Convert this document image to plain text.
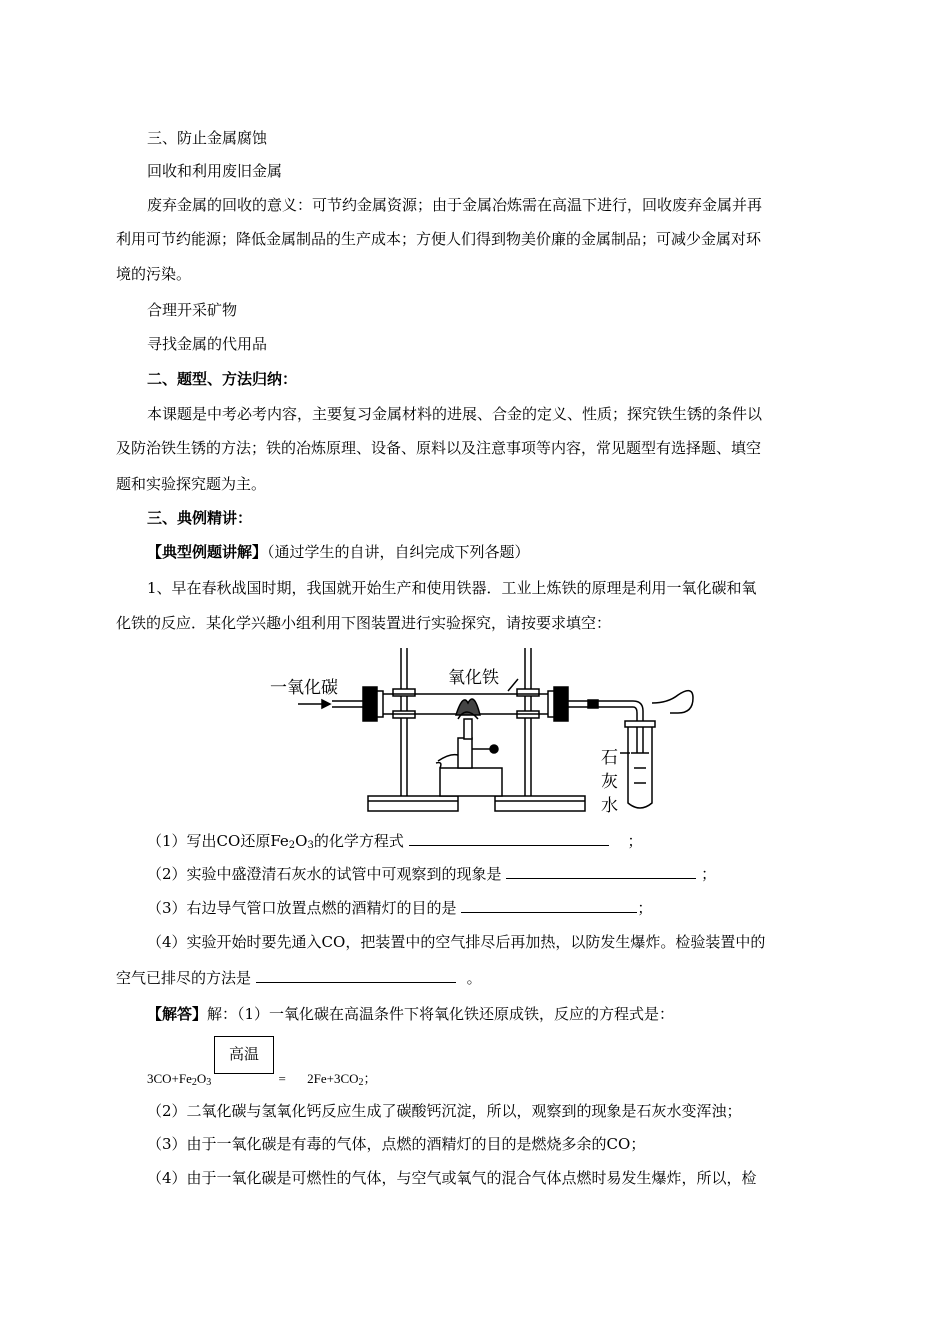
三、防止金属腐蚀
回收和利用废旧金属
废弃金属的回收的意义：可节约金属资源；由于金属冶炼需在高温下进行，回收废弃金属并再
利用可节约能源；降低金属制品的生产成本；方便人们得到物美价廉的金属制品；可减少金属对环
境的污染。
合理开采矿物
寻找金属的代用品
二、题型、方法归纳：
本课题是中考必考内容，主要复习金属材料的进展、合金的定义、性质；探究铁生锈的条件以
及防治铁生锈的方法；铁的冶炼原理、设备、原料以及注意事项等内容，常见题型有选择题、填空
题和实验探究题为主。
三、典例精讲：
【典型例题讲解】（通过学生的自讲，自纠完成下列各题）
1、早在春秋战国时期，我国就开始生产和使用铁器．工业上炼铁的原理是利用一氧化碳和氧
化铁的反应．某化学兴趣小组利用下图装置进行实验探究，请按要求填空：
一氧化碳	氧化铁
石
灰
水
（1）写出CO还原$Fe_2O_3$的化学方程式	；
（2）实验中盛澄清石灰水的试管中可观察到的现象是	；
（3）右边导气管口放置点燃的酒精灯的目的是	；
（4）实验开始时要先通入CO，把装置中的空气排尽后再加热，以防发生爆炸。检验装置中的
空气已排尽的方法是	。
【解答】解：（1）一氧化碳在高温条件下将氧化铁还原成铁，反应的方程式是：
高温
$3CO+Fe_2O_3$	= $2Fe+3CO_2$；
（2）二氧化碳与氢氧化钙反应生成了碳酸钙沉淀，所以，观察到的现象是石灰水变浑浊；
（3）由于一氧化碳是有毒的气体，点燃的酒精灯的目的是燃烧多余的CO；
（4）由于一氧化碳是可燃性的气体，与空气或氧气的混合气体点燃时易发生爆炸，所以，检
